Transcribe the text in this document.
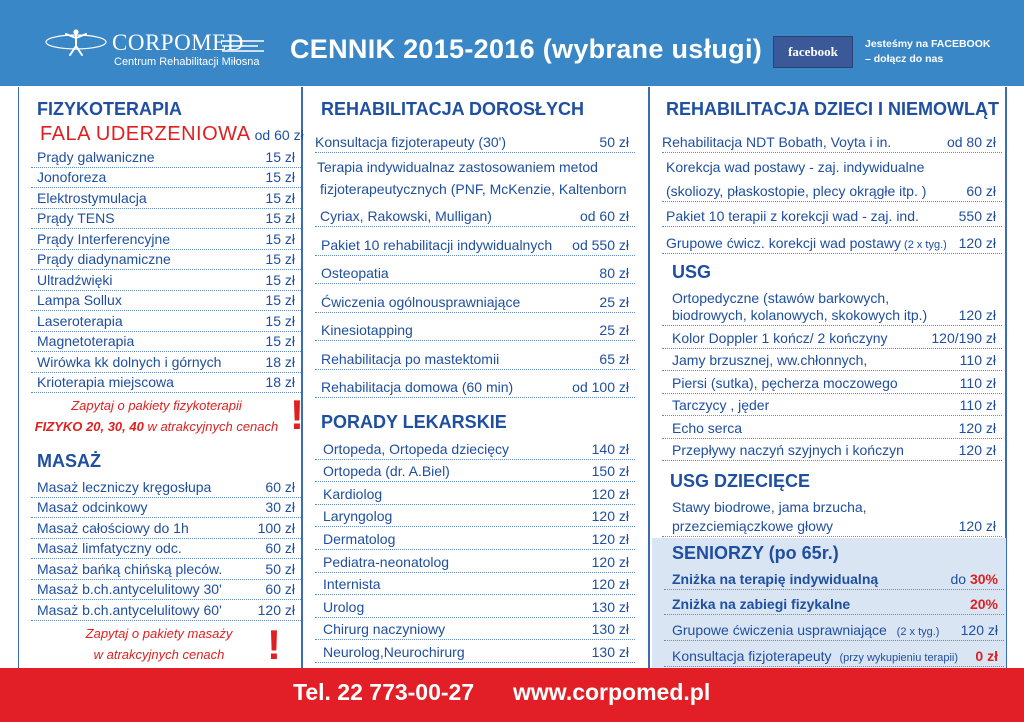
CORPOMED
Centrum Rehabilitacji Miłosna CENNIK 2015-2016 (wybrane usługi)	facebook	Jesteśmy na FACEBOOK
– dołącz do nas
FIZYKOTERAPIA
FALA UDERZENIOWA od 60 zł
Prądy galwaniczne	15 zł
Jonoforeza	15 zł
Elektrostymulacja	15 zł
Prądy TENS	15 zł
Prądy Interferencyjne	15 zł
Prądy diadynamiczne	15 zł
Ultradźwięki	15 zł
Lampa Sollux	15 zł
Laseroterapia	15 zł
Magnetoterapia	15 zł
Wirówka kk dolnych i górnych	18 zł
Krioterapia miejscowa	18 zł
Zapytaj o pakiety fizykoterapii
FIZYKO 20, 30, 40 w atrakcyjnych cenach !
MASAŻ
Masaż leczniczy kręgosłupa	60 zł
Masaż odcinkowy	30 zł
Masaż całościowy do 1h	100 zł
Masaż limfatyczny odc.	60 zł
Masaż bańką chińską pleców.	50 zł
Masaż b.ch.antycelulitowy 30'	60 zł
Masaż b.ch.antycelulitowy 60'	120 zł
Zapytaj o pakiety masaży
w atrakcyjnych cenach	!
REHABILITACJA DOROSŁYCH
Konsultacja fizjoterapeuty (30')	50 zł
Terapia indywidualnaz zastosowaniem metod
fizjoterapeutycznych (PNF, McKenzie, Kaltenborn
Cyriax, Rakowski, Mulligan)	od 60 zł
Pakiet 10 rehabilitacji indywidualnych od 550 zł
Osteopatia	80 zł
Ćwiczenia ogólnousprawniające	25 zł
Kinesiotapping	25 zł
Rehabilitacja po mastektomii	65 zł
Rehabilitacja domowa (60 min)	od 100 zł
PORADY LEKARSKIE
Ortopeda, Ortopeda dziecięcy	140 zł
Ortopeda (dr. A.Biel)	150 zł
Kardiolog	120 zł
Laryngolog	120 zł
Dermatolog	120 zł
Pediatra-neonatolog	120 zł
Internista	120 zł
Urolog	130 zł
Chirurg naczyniowy	130 zł
Neurolog,Neurochirurg	130 zł
REHABILITACJA DZIECI I NIEMOWLĄT
Rehabilitacja NDT Bobath, Voyta i in.	od 80 zł
Korekcja wad postawy - zaj. indywidualne
(skoliozy, płaskostopie, plecy okrągłe itp. )	60 zł
Pakiet 10 terapii z korekcji wad - zaj. ind.	550 zł
Grupowe ćwicz. korekcji wad postawy (2 x tyg.) 120 zł
USG
Ortopedyczne (stawów barkowych,
biodrowych, kolanowych, skokowych itp.) 120 zł
Kolor Doppler 1 kończ/ 2 kończyny	120/190 zł
Jamy brzusznej, ww.chłonnych,	110 zł
Piersi (sutka), pęcherza moczowego	110 zł
Tarczycy , jęder	110 zł
Echo serca	120 zł
Przepływy naczyń szyjnych i kończyn	120 zł
USG DZIECIĘCE
Stawy biodrowe, jama brzucha,
przezciemiączkowe głowy	120 zł
SENIORZY (po 65r.)
Zniżka na terapię indywidualną	do 30%
Zniżka na zabiegi fizykalne	20%
Grupowe ćwiczenia usprawniające (2 x tyg.) 120 zł
Konsultacja fizjoterapeuty (przy wykupieniu terapii) 0 zł
Tel. 22 773-00-27 www.corpomed.pl
